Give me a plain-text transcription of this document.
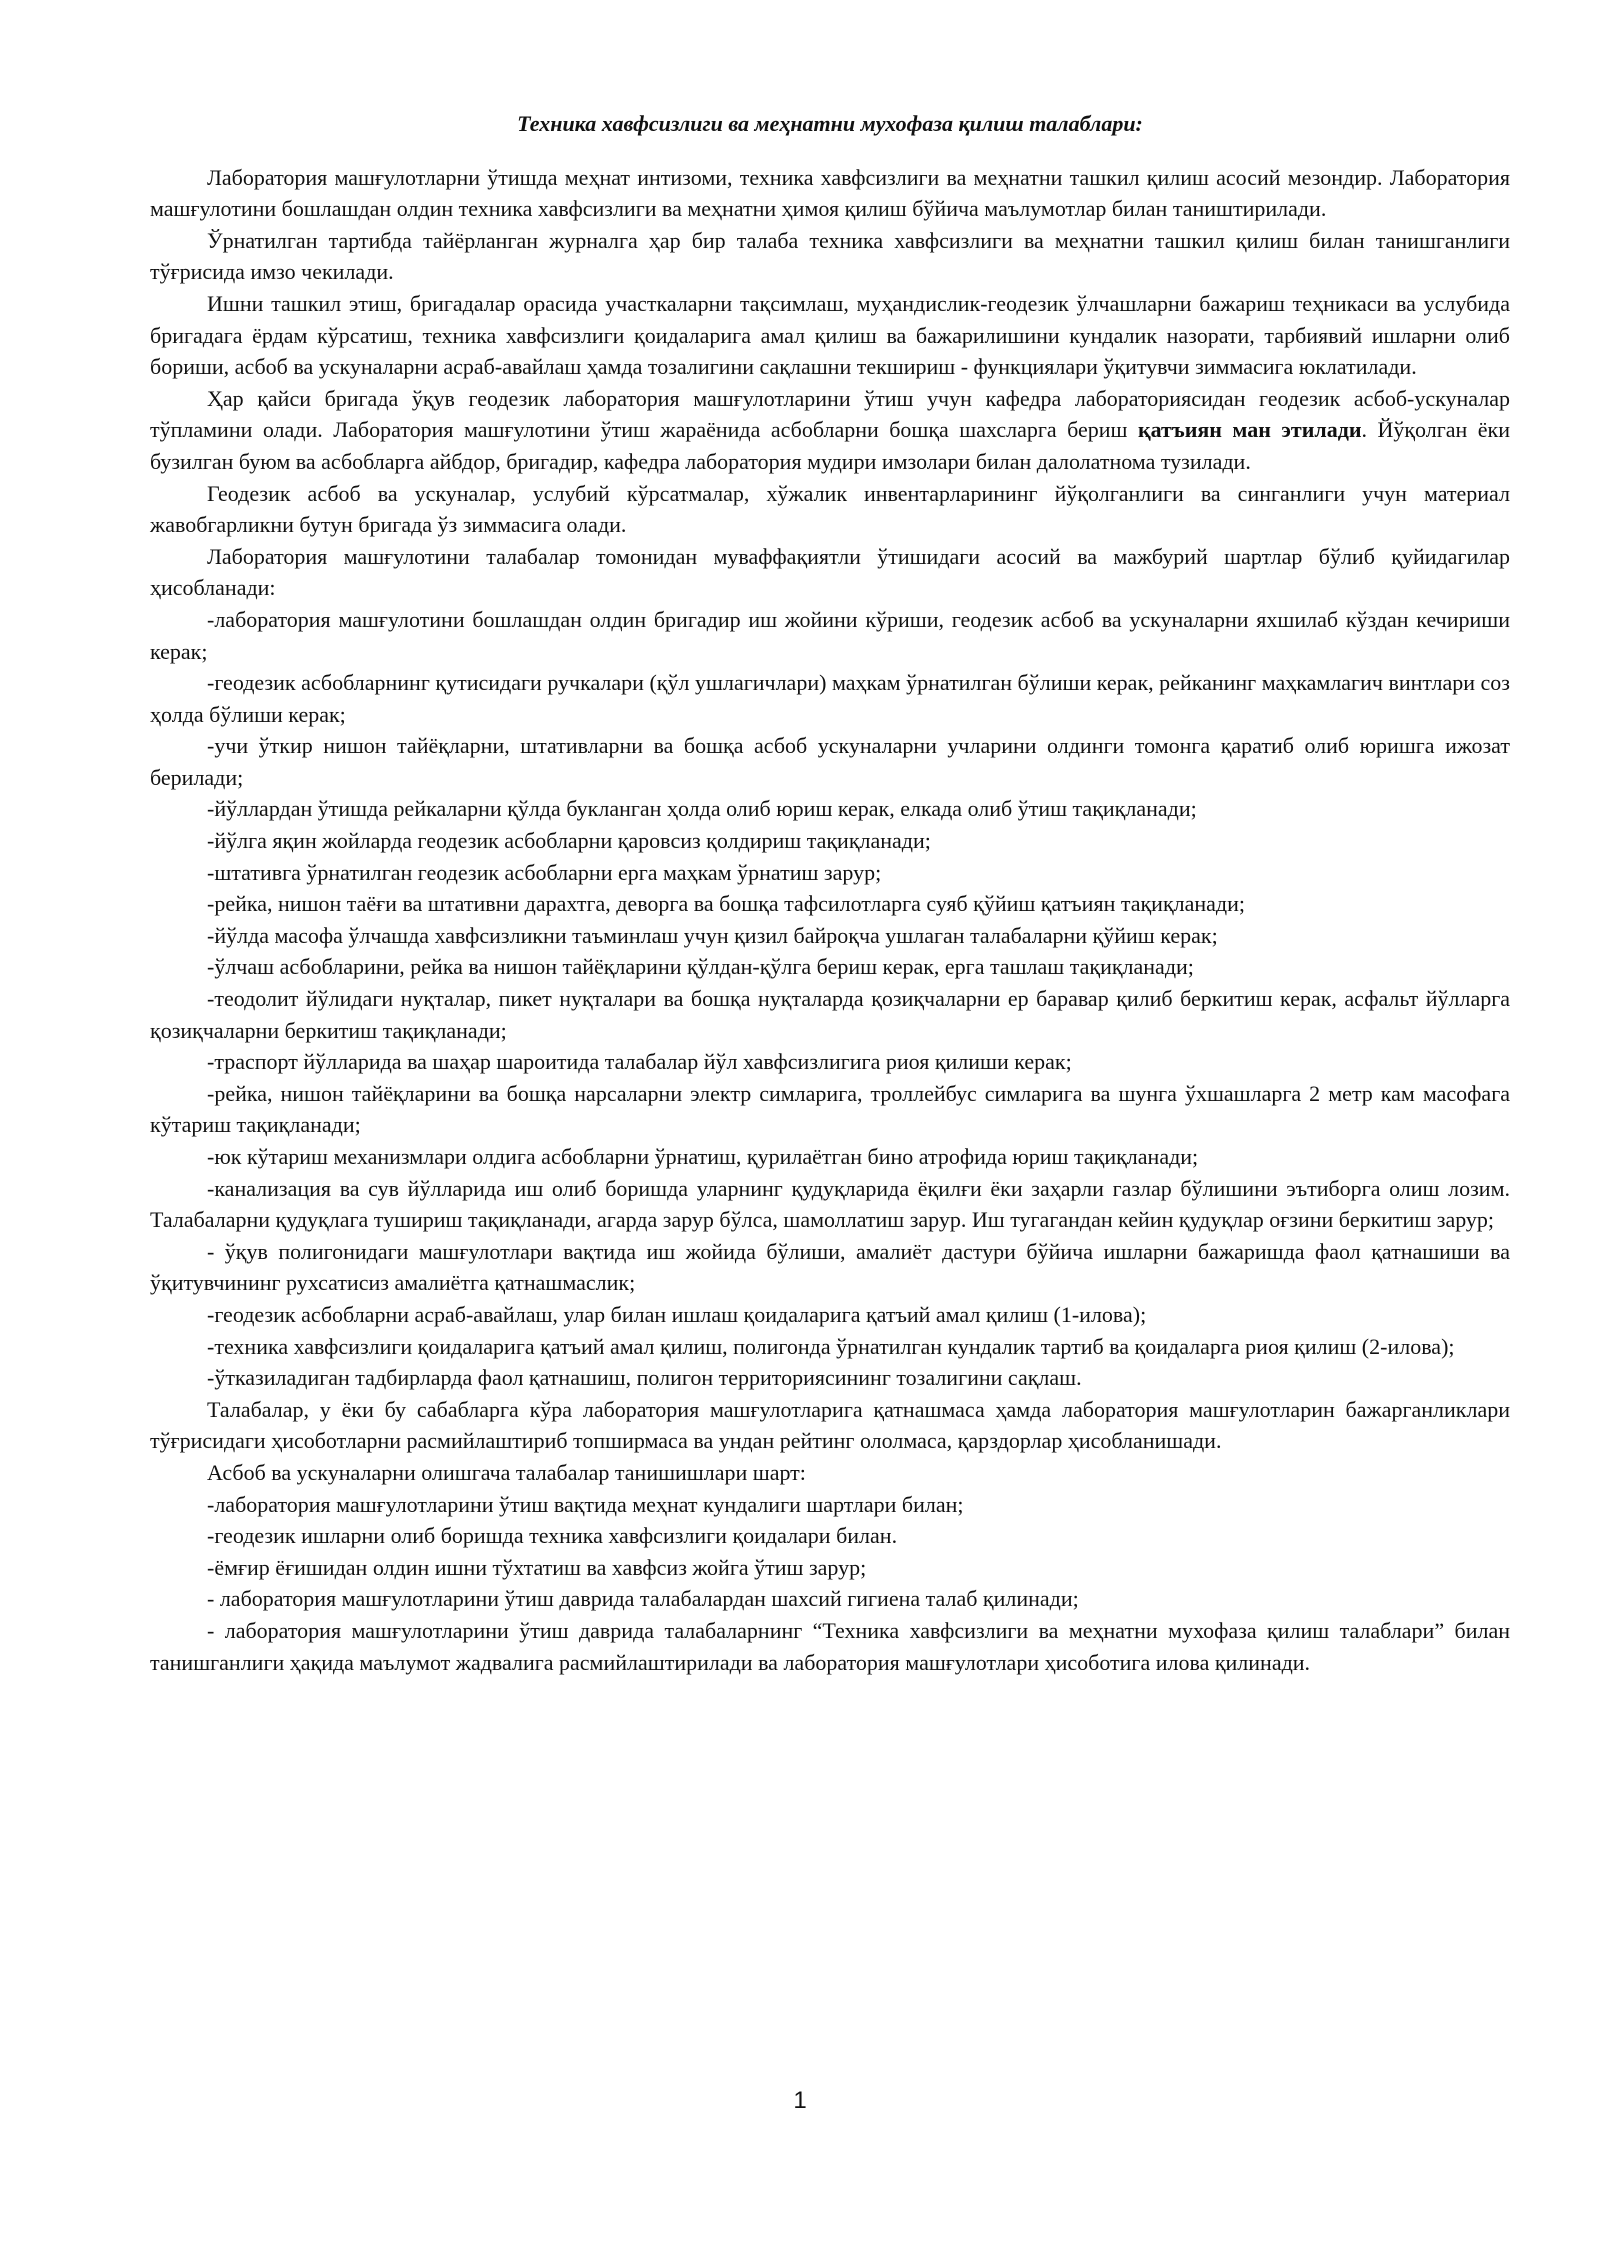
Техника хавфсизлиги ва меҳнатни мухофаза қилиш талаблари:

Лаборатория машғулотларни ўтишда меҳнат интизоми, техника хавфсизлиги ва меҳнатни ташкил қилиш асосий мезондир. Лаборатория машғулотини бошлашдан олдин техника хавфсизлиги ва меҳнатни ҳимоя қилиш бўйича маълумотлар билан таништирилади.

Ўрнатилган тартибда тайёрланган журналга ҳар бир талаба техника хавфсизлиги ва меҳнатни ташкил қилиш билан танишганлиги тўғрисида имзо чекилади.

Ишни ташкил этиш, бригадалар орасида участкаларни тақсимлаш, муҳандислик-геодезик ўлчашларни бажариш теҳникаси ва услубида бригадага ёрдам кўрсатиш, техника хавфсизлиги қоидаларига амал қилиш ва бажарилишини кундалик назорати, тарбиявий ишларни олиб бориши, асбоб ва ускуналарни асраб-авайлаш ҳамда тозалигини сақлашни текшириш - функциялари ўқитувчи зиммасига юклатилади.

Ҳар қайси бригада ўқув геодезик лаборатория машғулотларини ўтиш учун кафедра лабораториясидан геодезик асбоб-ускуналар тўпламини олади. Лаборатория машғулотини ўтиш жараёнида асбобларни бошқа шахсларга бериш қатъиян ман этилади. Йўқолган ёки бузилган буюм ва асбобларга айбдор, бригадир, кафедра лаборатория мудири имзолари билан далолатнома тузилади.

Геодезик асбоб ва ускуналар, услубий кўрсатмалар, хўжалик инвентарларининг йўқолганлиги ва синганлиги учун материал жавобгарликни бутун бригада ўз зиммасига олади.

Лаборатория машғулотини талабалар томонидан муваффақиятли ўтишидаги асосий ва мажбурий шартлар бўлиб қуйидагилар ҳисобланади:

-лаборатория машғулотини бошлашдан олдин бригадир иш жойини кўриши, геодезик асбоб ва ускуналарни яхшилаб кўздан кечириши керак;

-геодезик асбобларнинг қутисидаги ручкалари (қўл ушлагичлари) маҳкам ўрнатилган бўлиши керак, рейканинг маҳкамлагич винтлари соз ҳолда бўлиши керак;

-учи ўткир нишон тайёқларни, штативларни ва бошқа асбоб ускуналарни учларини олдинги томонга қаратиб олиб юришга ижозат берилади;

-йўллардан ўтишда рейкаларни қўлда букланган ҳолда олиб юриш керак, елкада олиб ўтиш тақиқланади;

-йўлга яқин жойларда геодезик асбобларни қаровсиз қолдириш тақиқланади;

-штативга ўрнатилган геодезик асбобларни ерга маҳкам ўрнатиш зарур;

-рейка, нишон таёғи ва штативни дарахтга, деворга ва бошқа тафсилотларга суяб қўйиш қатъиян тақиқланади;

-йўлда масофа ўлчашда хавфсизликни таъминлаш учун қизил байроқча ушлаган талабаларни қўйиш керак;

-ўлчаш асбобларини, рейка ва нишон тайёқларини қўлдан-қўлга бериш керак, ерга ташлаш тақиқланади;

-теодолит йўлидаги нуқталар, пикет нуқталари ва бошқа нуқталарда қозиқчаларни ер баравар қилиб беркитиш керак, асфальт йўлларга қозиқчаларни беркитиш тақиқланади;

-траспорт йўлларида ва шаҳар шароитида талабалар йўл хавфсизлигига риоя қилиши керак;

-рейка, нишон тайёқларини ва бошқа нарсаларни электр симларига, троллейбус симларига ва шунга ўхшашларга 2 метр кам масофага кўтариш тақиқланади;

-юк кўтариш механизмлари олдига асбобларни ўрнатиш, қурилаётган бино атрофида юриш тақиқланади;

-канализация ва сув йўлларида иш олиб боришда уларнинг қудуқларида ёқилғи ёки заҳарли газлар бўлишини эътиборга олиш лозим. Талабаларни қудуқлага тушириш тақиқланади, агарда зарур бўлса, шамоллатиш зарур. Иш тугагандан кейин қудуқлар оғзини беркитиш зарур;

- ўқув полигонидаги машғулотлари вақтида иш жойида бўлиши, амалиёт дастури бўйича ишларни бажаришда фаол қатнашиши ва ўқитувчининг рухсатисиз амалиётга қатнашмаслик;

-геодезик асбобларни асраб-авайлаш, улар билан ишлаш қоидаларига қатъий амал қилиш (1-илова);

-техника хавфсизлиги қоидаларига қатъий амал қилиш, полигонда ўрнатилган кундалик тартиб ва қоидаларга риоя қилиш (2-илова);

-ўтказиладиган тадбирларда фаол қатнашиш, полигон территориясининг тозалигини сақлаш.

Талабалар, у ёки бу сабабларга кўра лаборатория машғулотларига қатнашмаса ҳамда лаборатория машғулотларин бажарганликлари тўғрисидаги ҳисоботларни расмийлаштириб топширмаса ва ундан рейтинг ололмаса, қарздорлар ҳисобланишади.

Асбоб ва ускуналарни олишгача талабалар танишишлари шарт:

-лаборатория машғулотларини ўтиш вақтида меҳнат кундалиги шартлари билан;

-геодезик ишларни олиб боришда техника хавфсизлиги қоидалари билан.

-ёмғир ёғишидан олдин ишни тўхтатиш ва хавфсиз жойга ўтиш зарур;

- лаборатория машғулотларини ўтиш даврида талабалардан шахсий гигиена талаб қилинади;

- лаборатория машғулотларини ўтиш даврида талабаларнинг “Техника хавфсизлиги ва меҳнатни мухофаза қилиш талаблари” билан танишганлиги ҳақида маълумот жадвалига расмийлаштирилади ва лаборатория машғулотлари ҳисоботига илова қилинади.

1
